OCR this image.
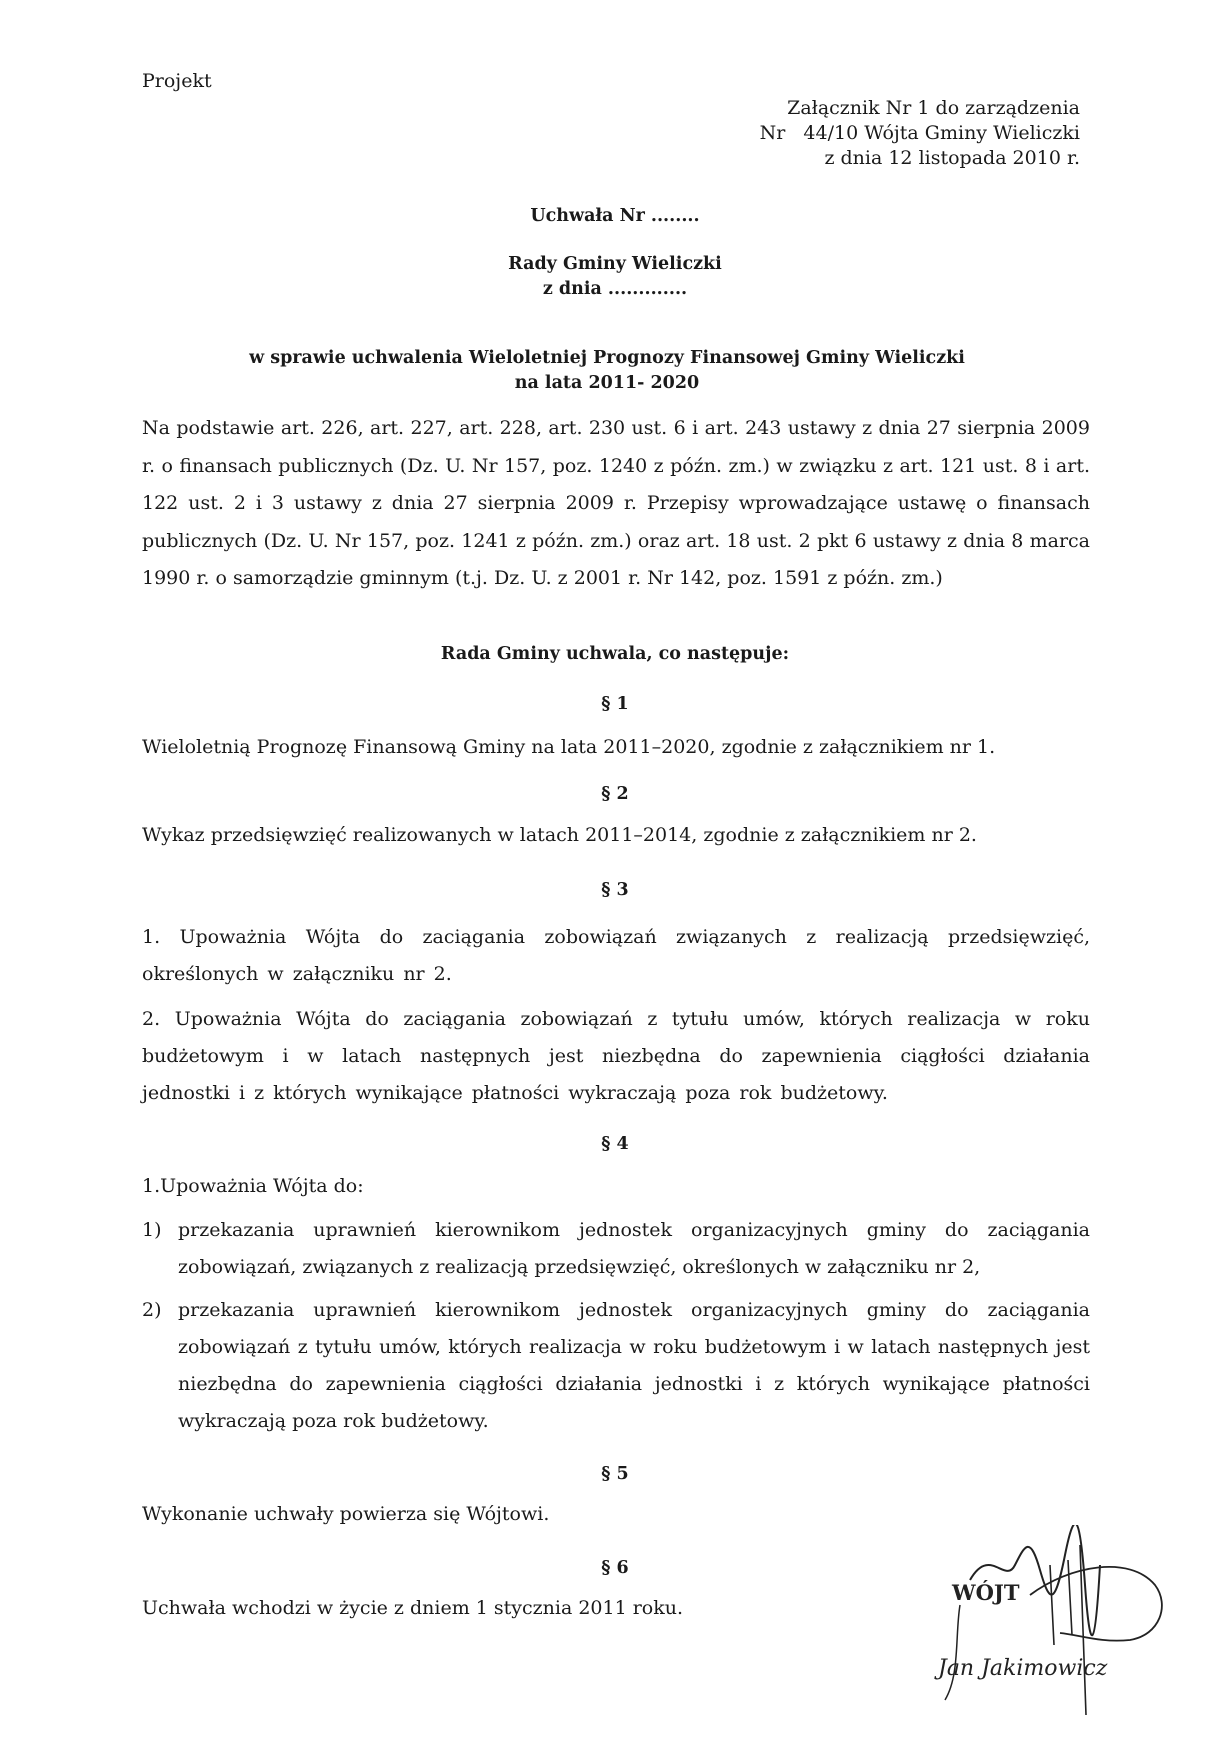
Projekt
Załącznik Nr 1 do zarządzenia
Nr   44/10 Wójta Gminy Wieliczki
z dnia 12 listopada 2010 r.
Uchwała Nr ........
Rady Gminy Wieliczki
z dnia .............
w sprawie uchwalenia Wieloletniej Prognozy Finansowej Gminy Wieliczki
na lata 2011- 2020
Na podstawie art. 226, art. 227, art. 228, art. 230 ust. 6 i art. 243 ustawy z dnia 27 sierpnia 2009 r. o finansach publicznych (Dz. U. Nr 157, poz. 1240 z późn. zm.) w związku z art. 121 ust. 8 i art. 122 ust. 2 i 3 ustawy z dnia 27 sierpnia 2009 r. Przepisy wprowadzające ustawę o finansach publicznych (Dz. U. Nr 157, poz. 1241 z późn. zm.) oraz art. 18 ust. 2 pkt 6 ustawy z dnia 8 marca 1990 r. o samorządzie gminnym (t.j. Dz. U. z 2001 r. Nr 142, poz. 1591 z późn. zm.)
Rada Gminy uchwala, co następuje:
§ 1
Wieloletnią Prognozę Finansową Gminy na lata 2011–2020, zgodnie z załącznikiem nr 1.
§ 2
Wykaz przedsięwzięć realizowanych w latach 2011–2014, zgodnie z załącznikiem nr 2.
§ 3
1. Upoważnia Wójta do zaciągania zobowiązań związanych z realizacją przedsięwzięć, określonych w załączniku nr 2.
2. Upoważnia Wójta do zaciągania zobowiązań z tytułu umów, których realizacja w roku budżetowym i w latach następnych jest niezbędna do zapewnienia ciągłości działania jednostki i z których wynikające płatności wykraczają poza rok budżetowy.
§ 4
1.Upoważnia Wójta do:
1) przekazania uprawnień kierownikom jednostek organizacyjnych gminy do zaciągania zobowiązań, związanych z realizacją przedsięwzięć, określonych w załączniku nr 2,
2) przekazania uprawnień kierownikom jednostek organizacyjnych gminy do zaciągania zobowiązań z tytułu umów, których realizacja w roku budżetowym i w latach następnych jest niezbędna do zapewnienia ciągłości działania jednostki i z których wynikające płatności wykraczają poza rok budżetowy.
§ 5
Wykonanie uchwały powierza się Wójtowi.
§ 6
Uchwała wchodzi w życie z dniem 1 stycznia 2011 roku.
WÓJT
Jan Jakimowicz
